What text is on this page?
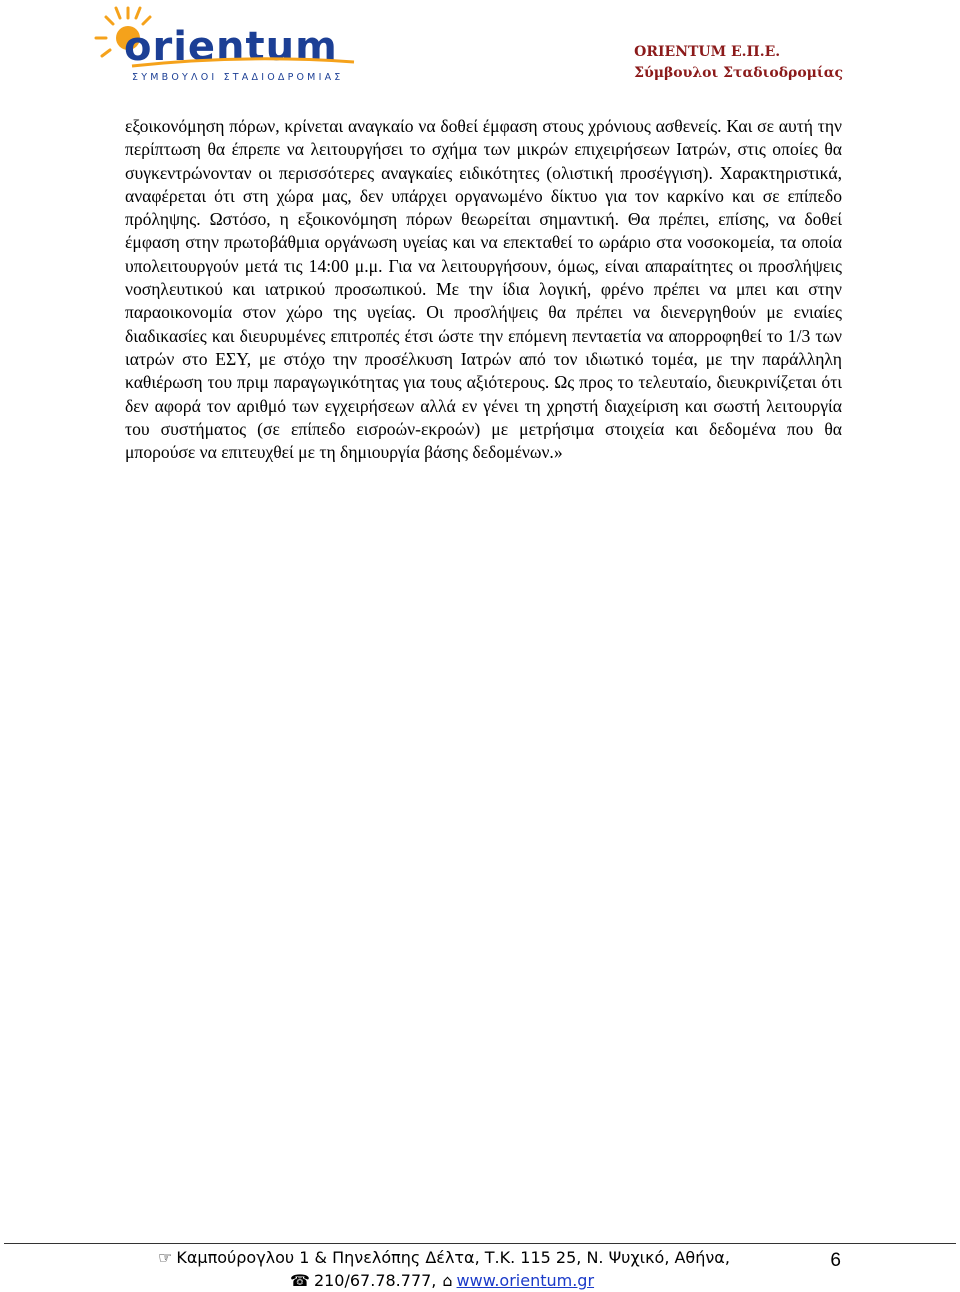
orientum
ΣΥΜΒΟΥΛΟΙ ΣΤΑΔΙΟΔΡΟΜΙΑΣ
ORIENTUM Ε.Π.Ε.
Σύμβουλοι Σταδιοδρομίας

εξοικονόμηση πόρων, κρίνεται αναγκαίο να δοθεί έμφαση στους χρόνιους ασθενείς. Και σε αυτή την περίπτωση θα έπρεπε να λειτουργήσει το σχήμα των μικρών επιχειρήσεων Ιατρών, στις οποίες θα συγκεντρώνονταν οι περισσότερες αναγκαίες ειδικότητες (ολιστική προσέγγιση). Χαρακτηριστικά, αναφέρεται ότι στη χώρα μας, δεν υπάρχει οργανωμένο δίκτυο για τον καρκίνο και σε επίπεδο πρόληψης. Ωστόσο, η εξοικονόμηση πόρων θεωρείται σημαντική. Θα πρέπει, επίσης, να δοθεί έμφαση στην πρωτοβάθμια οργάνωση υγείας και να επεκταθεί το ωράριο στα νοσοκομεία, τα οποία υπολειτουργούν μετά τις 14:00 μ.μ. Για να λειτουργήσουν, όμως, είναι απαραίτητες οι προσλήψεις νοσηλευτικού και ιατρικού προσωπικού. Με την ίδια λογική, φρένο πρέπει να μπει και στην παραοικονομία στον χώρο της υγείας. Οι προσλήψεις θα πρέπει να διενεργηθούν με ενιαίες διαδικασίες και διευρυμένες επιτροπές έτσι ώστε την επόμενη πενταετία να απορροφηθεί το 1/3 των ιατρών στο ΕΣΥ, με στόχο την προσέλκυση Ιατρών από τον ιδιωτικό τομέα, με την παράλληλη καθιέρωση του πριμ παραγωγικότητας για τους αξιότερους. Ως προς το τελευταίο, διευκρινίζεται ότι δεν αφορά τον αριθμό των εγχειρήσεων αλλά εν γένει τη χρηστή διαχείριση και σωστή λειτουργία του συστήματος (σε επίπεδο εισροών-εκροών) με μετρήσιμα στοιχεία και δεδομένα που θα μπορούσε να επιτευχθεί με τη δημιουργία βάσης δεδομένων.»

☞ Καμπούρογλου 1 & Πηνελόπης Δέλτα, Τ.Κ. 115 25, Ν. Ψυχικό, Αθήνα,
☎ 210/67.78.777, ⌂ www.orientum.gr
6
